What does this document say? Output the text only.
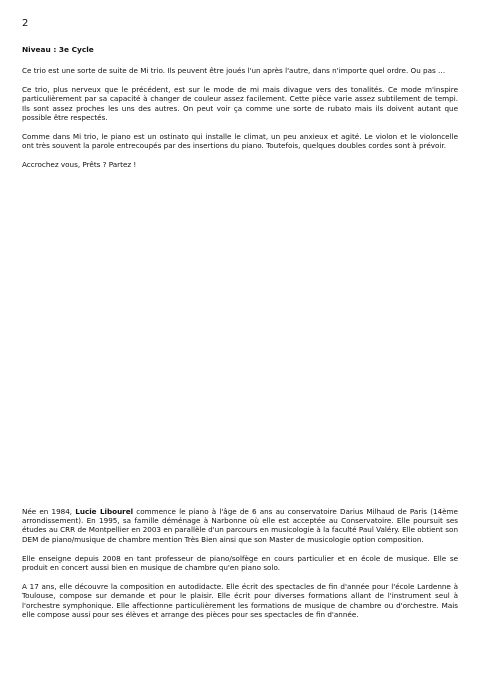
2
Niveau : 3e Cycle

Ce trio est une sorte de suite de Mi trio. Ils peuvent être joués l'un après l'autre, dans n'importe quel ordre. Ou pas …

Ce trio, plus nerveux que le précédent, est sur le mode de mi mais divague vers des tonalités. Ce mode m'inspire particulièrement par sa capacité à changer de couleur assez facilement. Cette pièce varie assez subtilement de tempi. Ils sont assez proches les uns des autres. On peut voir ça comme une sorte de rubato mais ils doivent autant que possible être respectés.

Comme dans Mi trio, le piano est un ostinato qui installe le climat, un peu anxieux et agité. Le violon et le violoncelle ont très souvent la parole entrecoupés par des insertions du piano. Toutefois, quelques doubles cordes sont à prévoir.

Accrochez vous, Prêts ? Partez !

Née en 1984, Lucie Libourel commence le piano à l'âge de 6 ans au conservatoire Darius Milhaud de Paris (14ème arrondissement). En 1995, sa famille déménage à Narbonne où elle est acceptée au Conservatoire. Elle poursuit ses études au CRR de Montpellier en 2003 en parallèle d'un parcours en musicologie à la faculté Paul Valéry. Elle obtient son DEM de piano/musique de chambre mention Très Bien ainsi que son Master de musicologie option composition.

Elle enseigne depuis 2008 en tant professeur de piano/solfège en cours particulier et en école de musique. Elle se produit en concert aussi bien en musique de chambre qu'en piano solo.

A 17 ans, elle découvre la composition en autodidacte. Elle écrit des spectacles de fin d'année pour l'école Lardenne à Toulouse, compose sur demande et pour le plaisir. Elle écrit pour diverses formations allant de l'instrument seul à l'orchestre symphonique. Elle affectionne particulièrement les formations de musique de chambre ou d'orchestre. Mais elle compose aussi pour ses élèves et arrange des pièces pour ses spectacles de fin d'année.
